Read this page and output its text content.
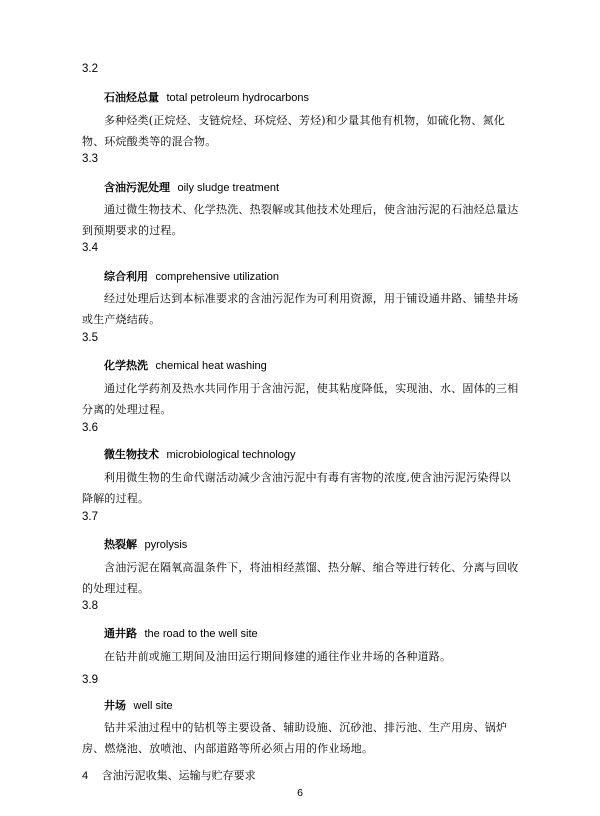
3.2
石油烃总量 total petroleum hydrocarbons

多种烃类(正烷烃、支链烷烃、环烷烃、芳烃)和少量其他有机物，如硫化物、氮化物、环烷酸类等的混合物。

3.3
含油污泥处理 oily sludge treatment

通过微生物技术、化学热洗、热裂解或其他技术处理后，使含油污泥的石油烃总量达到预期要求的过程。

3.4
综合利用 comprehensive utilization

经过处理后达到本标准要求的含油污泥作为可利用资源，用于铺设通井路、铺垫井场或生产烧结砖。

3.5
化学热洗 chemical heat washing

通过化学药剂及热水共同作用于含油污泥，使其粘度降低，实现油、水、固体的三相分离的处理过程。

3.6
微生物技术 microbiological technology

利用微生物的生命代谢活动减少含油污泥中有毒有害物的浓度,使含油污泥污染得以降解的过程。

3.7
热裂解 pyrolysis

含油污泥在隔氧高温条件下，将油相经蒸馏、热分解、缩合等进行转化、分离与回收的处理过程。

3.8
通井路 the road to the well site

在钻井前或施工期间及油田运行期间修建的通往作业井场的各种道路。

3.9
井场 well site

钻井采油过程中的钻机等主要设备、辅助设施、沉砂池、排污池、生产用房、锅炉房、燃烧池、放喷池、内部道路等所必须占用的作业场地。

4 含油污泥收集、运输与贮存要求
6
